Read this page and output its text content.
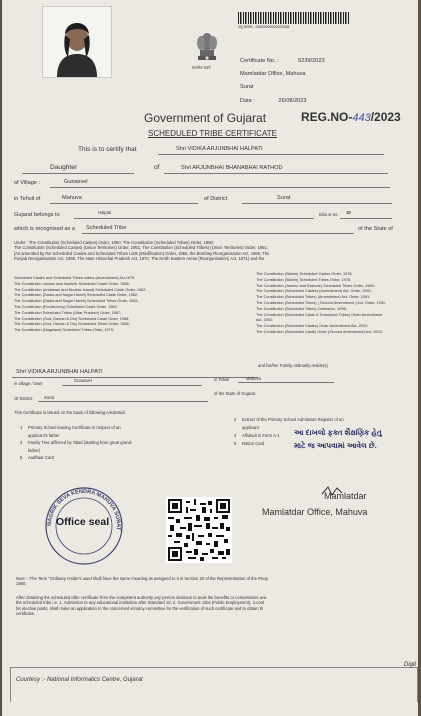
सत्यमेव जयते
अनु क्रमांक : 23809000000023938
Certificate No. :	5239/2023
Mamlatdar Office, Mahuva
Surat
Date :	26/08/2023
Government of Gujarat	REG.NO-443/2023
SCHEDULED TRIBE CERTIFICATE
This is to certify that	Shri VIDIKA ARJUNBHAI HALPATI
Daughter	of	Shri ARJUNBHAI BHANABHAI RATHOD
of Village :	Gunasvel
in Tehsil of	Mahuva	of District	Surat
Gujarat belongs to	Halpati	tribe,sr.no. 10
which is recognised as a Scheduled Tribe	of the State of
Under : The Constitution (Scheduled Castes) Order, 1950; The Constitution (Scheduled Tribes) Order, 1950;
The Constitution (Scheduled Castes) (Union Territories) Order, 1951; The Constitution (Scheduled Tribes) (Union Territories) Order, 1951;
[As amended by the Scheduled Castes and Scheduled Tribes Lists (Modification) Order, 1956, the Bombay Reorganisation Act, 1960, The
Punjab Reorganisation Act, 1966, The state Himachal Pradesh Act, 1970, The North Eastern Areas (Reorganisation) Act, 1971) and the
Scheduled Castes and Scheduled Tribes orders (Amendment) Act,1976
The Constitution Jammu and Kashmir Scheduled Caste Order, 1956;
The Constitution (Andaman and Nicobar Island) Scheduled Caste Order, 1962;
The Constitution (Dadra and Nagar Haveli) Scheduled Caste Order, 1962;
The Constitution (Dadra and Nagar Haveli) Scheduled Tribes Order, 1962;
The Constitution (Pondicherry) Scheduled Caste Order, 1964;
The Constitution Scheduled Tribes (Uttar Pradesh) Order, 1967;
The Constitution (Goa, Daman & Diu) Scheduled Caste Order, 1968;
The Constitution (Goa, Daman & Diu) Scheduled Tribes Order, 1968;
The Constitution (Nagaland) Scheduled Tribes Order, 1970;
The Constitution (Sikkim) Scheduled Castes Order, 1978;
The Constitution (Sikkim) Scheduled Tribes Order, 1978;
The Constitution (Jammu and Kashmir) Scheduled Tribes Order, 1989;
The Constitution (Scheduled Castes) (Amendment) Act, Order, 1990;
The Constitution (Scheduled Tribes) (Amendment) Act, Order, 1991;
The Constitution (Scheduled Tribes) ( Second Amendment ) Act, Order, 1991;
The Constitution (Scheduled Tribes) Ordinance, 1996;
The Constitution (Scheduled Caste & Scheduled Tribes) Order Amendment
Act, 2002;
The Constitution (Scheduled Castes) Order Amendment Act, 2002;
The Constitution (Scheduled Caste) Order (Second Amendment) Act, 2002;
Shri VIDIKA ARJUNBHAI HALPATI
and his/her Family ordinarily reside(s)
in village / town
Gunasvel	in Tehsil	Mahuva
Of District	Surat
of the State of Gujarat.
This Certificate is issued on the basis of following credential:
1 Primary School leaving Certificate in respect of an
applicant's father
3 Family Tree affirmed by Talati (starting from great grand-
father)
5 Aadhaar Card
2 Extract of the Primary School Admission Register of an
applicant
4 Affidavit in Form A-1
6 Ration Card
આ દાખલો ફક્ત શૈક્ષણિક હેતુ
માટે જ આપવામાં આવેલ છે.
NAGRIK SEVA KENDRA MAHUVA SURAT
Office seal
Mamlatdar
Mamlatdar Office, Mahuva
Note :- The Term "Ordinary reside's used shall have the same meaning as assigned to it in Section 20 of the Representation of the Peop
1950.
After obtaining the scheduled tribe certificate from the competent authority any person desirous to avail the benefits or concessions ava
the scheduled tribe i.e. 1. Admission to any educational institution after Standard 10, 2. Government Jobs (Public Employment), 3.cont
for elective posts, shall make an application to the concerned scrutiny committee for the verification of such certificate and to obtain th
certificate.
Courtesy :- National Informatics Centre, Gujarat
Digit
